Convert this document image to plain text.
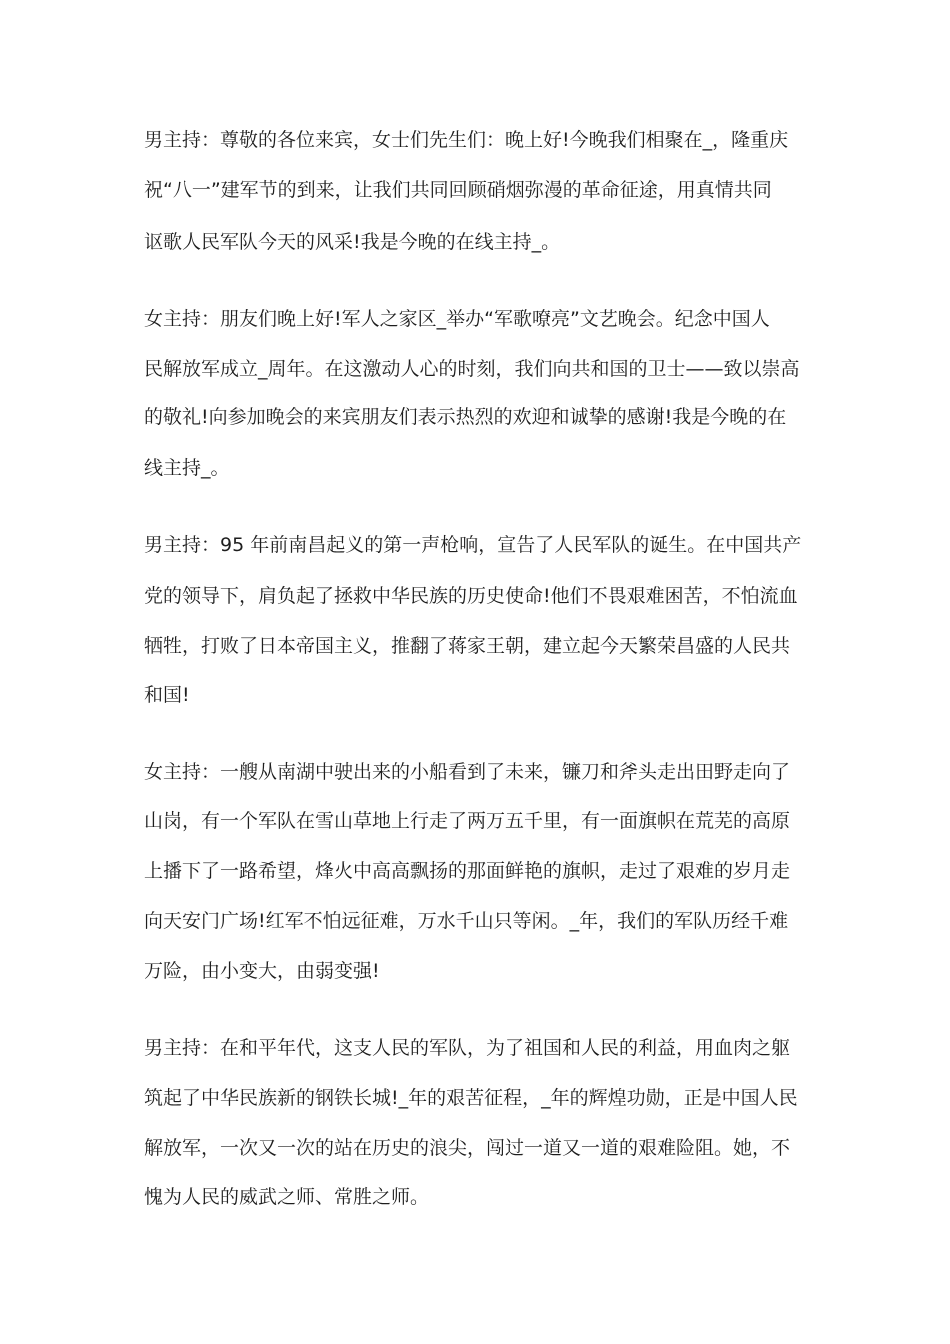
男主持：尊敬的各位来宾，女士们先生们：晚上好!今晚我们相聚在_，隆重庆
祝“八一”建军节的到来，让我们共同回顾硝烟弥漫的革命征途，用真情共同
讴歌人民军队今天的风采!我是今晚的在线主持_。
女主持：朋友们晚上好!军人之家区_举办“军歌嘹亮”文艺晚会。纪念中国人
民解放军成立_周年。在这激动人心的时刻，我们向共和国的卫士——致以崇高
的敬礼!向参加晚会的来宾朋友们表示热烈的欢迎和诚挚的感谢!我是今晚的在
线主持_。
男主持：95 年前南昌起义的第一声枪响，宣告了人民军队的诞生。在中国共产
党的领导下，肩负起了拯救中华民族的历史使命!他们不畏艰难困苦，不怕流血
牺牲，打败了日本帝国主义，推翻了蒋家王朝，建立起今天繁荣昌盛的人民共
和国!
女主持：一艘从南湖中驶出来的小船看到了未来，镰刀和斧头走出田野走向了
山岗，有一个军队在雪山草地上行走了两万五千里，有一面旗帜在荒芜的高原
上播下了一路希望，烽火中高高飘扬的那面鲜艳的旗帜，走过了艰难的岁月走
向天安门广场!红军不怕远征难，万水千山只等闲。_年，我们的军队历经千难
万险，由小变大，由弱变强!
男主持：在和平年代，这支人民的军队，为了祖国和人民的利益，用血肉之躯
筑起了中华民族新的钢铁长城!_年的艰苦征程，_年的辉煌功勋，正是中国人民
解放军，一次又一次的站在历史的浪尖，闯过一道又一道的艰难险阻。她，不
愧为人民的威武之师、常胜之师。
